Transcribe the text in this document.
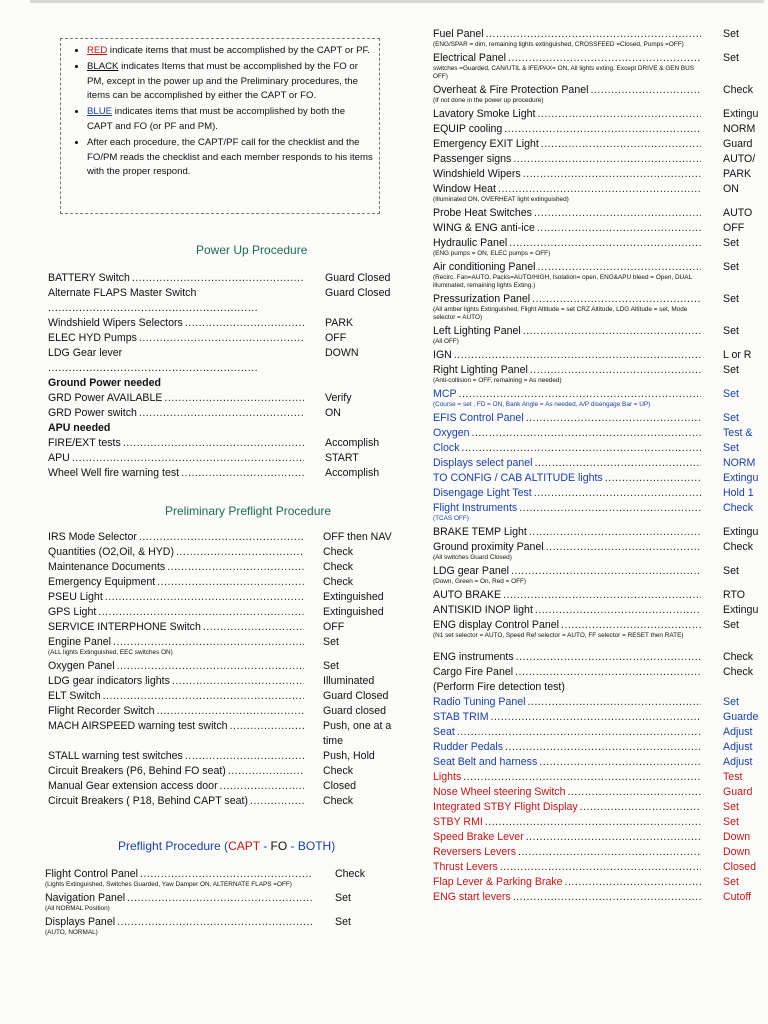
• RED indicate items that must be accomplished by the CAPT or PF.
• BLACK indicates Items that must be accomplished by the FO or PM, except in the power up and the Preliminary procedures, the items can be accomplished by either the CAPT or FO.
• BLUE indicates items that must be accomplished by both the CAPT and FO (or PF and PM).
• After each procedure, the CAPT/PF call for the checklist and the FO/PM reads the checklist and each member responds to his items with the proper respond.
Power Up Procedure
Preliminary Preflight Procedure
Preflight Procedure (CAPT - FO - BOTH)
BATTERY Switch .....	Guard Closed
Alternate FLAPS Master Switch	Guard Closed
.............................................................
Windshield Wipers Selectors .....	PARK
ELEC HYD Pumps .....	OFF
LDG Gear lever	DOWN
.............................................................
Ground Power needed
GRD Power AVAILABLE .....	Verify
GRD Power switch .....	ON
APU needed
FIRE/EXT tests .....	Accomplish
APU .....	START
Wheel Well fire warning test .....	Accomplish
IRS Mode Selector .....	OFF then NAV
Quantities (O2,Oil, & HYD) .....	Check
Maintenance Documents .....	Check
Emergency Equipment .....	Check
PSEU Light .....	Extinguished
GPS Light .....	Extinguished
SERVICE INTERPHONE Switch .....	OFF
Engine Panel .....	Set
(ALL lights Extinguished, EEC switches ON)
Oxygen Panel .....	Set
LDG gear indicators lights .....	Illuminated
ELT Switch .....	Guard Closed
Flight Recorder Switch .....	Guard closed
MACH AIRSPEED warning test switch .....	Push, one at a time
STALL warning test switches .....	Push, Hold
Circuit Breakers (P6, Behind FO seat) .....	Check
Manual Gear extension access door .....	Closed
Circuit Breakers ( P18, Behind CAPT seat) .....	Check
Flight Control Panel .....	Check
(Lights Extinguished, Switches Guarded, Yaw Damper ON, ALTERNATE FLAPS =OFF)
Navigation Panel .....	Set
(All NORMAL Position)
Displays Panel .....	Set
(AUTO, NORMAL)
Fuel Panel .....	Set
(ENG/SPAR = dim, remaining lights extinguished, CROSSFEED =Closed, Pumps =OFF)
Electrical Panel .....	Set
switches =Guarded, CAN/UTIL & IFE/PAX= ON, All lights exting. Except DRIVE & GEN BUS OFF)
Overheat & Fire Protection Panel .....	Check
(If not done in the power up procedure)
Lavatory Smoke Light .....	Extingu
EQUIP cooling .....	NORM
Emergency EXIT Light .....	Guard
Passenger signs .....	AUTO/
Windshield Wipers .....	PARK
Window Heat .....	ON
(Illuminated ON, OVERHEAT light extinguished)
Probe Heat Switches .....	AUTO
WING & ENG anti-ice .....	OFF
Hydraulic Panel .....	Set
(ENG pumps = ON, ELEC pumps = OFF)
Air conditioning Panel .....	Set
(Recirc. Fan=AUTO, Packs=AUTO/HIGH, Isolation= open, ENG&APU bleed = Open, DUAL illuminated, remaining lights Exting.)
Pressurization Panel .....	Set
(All amber lights Extinguished, Flight Altitude = set CRZ Altitude, LDG Altitude = set, Mode selector = AUTO)
Left Lighting Panel .....	Set
(All OFF)
IGN .....	L or R
Right Lighting Panel .....	Set
(Anti-collision = OFF, remaining = As needed)
MCP .....	Set
(Course = set , FD = ON, Bank Angle = As needed, A/P disengage Bar = UP)
EFIS Control Panel .....	Set
Oxygen .....	Test &
Clock .....	Set
Displays select panel .....	NORM
TO CONFIG / CAB ALTITUDE lights .....	Extingu
Disengage Light Test .....	Hold 1
Flight Instruments .....	Check
(TCAS OFF)
BRAKE TEMP Light .....	Extingu
Ground proximity Panel .....	Check
(All switches Guard Closed)
LDG gear Panel .....	Set
(Down, Green = On, Red = OFF)
AUTO BRAKE .....	RTO
ANTISKID INOP light .....	Extingu
ENG display Control Panel .....	Set
(N1 set selector = AUTO, Speed Ref selector = AUTO, FF selector = RESET then RATE)
ENG instruments .....	Check
Cargo Fire Panel .....	Check
(Perform Fire detection test)
Radio Tuning Panel .....	Set
STAB TRIM .....	Guarde
Seat .....	Adjust
Rudder Pedals .....	Adjust
Seat Belt and harness .....	Adjust
Lights .....	Test
Nose Wheel steering Switch .....	Guard
Integrated STBY Flight Display .....	Set
STBY RMI .....	Set
Speed Brake Lever .....	Down
Reversers Levers .....	Down
Thrust Levers .....	Closed
Flap Lever & Parking Brake .....	Set
ENG start levers .....	Cutoff
